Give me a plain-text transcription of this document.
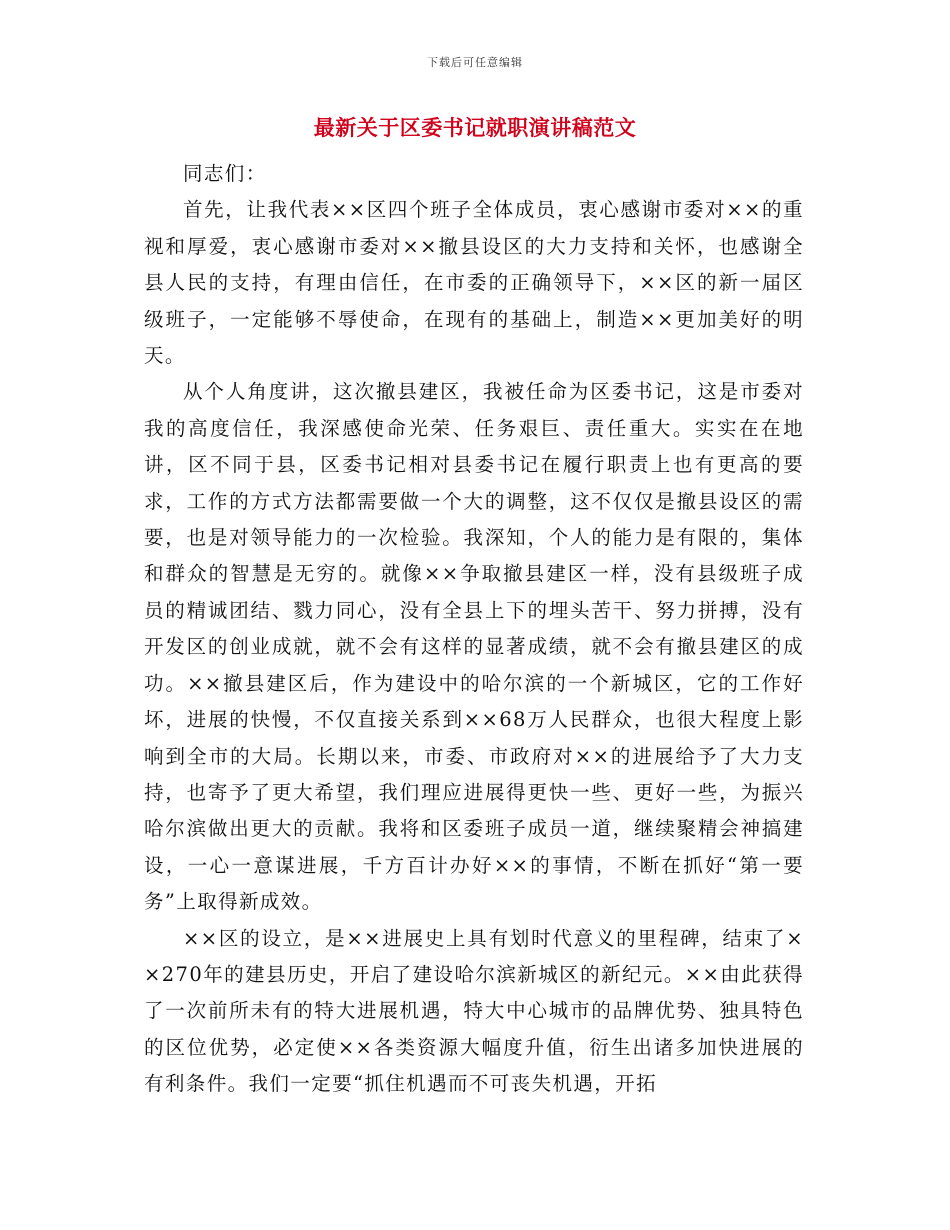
下载后可任意编辑
最新关于区委书记就职演讲稿范文

同志们：

首先，让我代表××区四个班子全体成员，衷心感谢市委对××的重视和厚爱，衷心感谢市委对××撤县设区的大力支持和关怀，也感谢全县人民的支持，有理由信任，在市委的正确领导下，××区的新一届区级班子，一定能够不辱使命，在现有的基础上，制造××更加美好的明天。

从个人角度讲，这次撤县建区，我被任命为区委书记，这是市委对我的高度信任，我深感使命光荣、任务艰巨、责任重大。实实在在地讲，区不同于县，区委书记相对县委书记在履行职责上也有更高的要求，工作的方式方法都需要做一个大的调整，这不仅仅是撤县设区的需要，也是对领导能力的一次检验。我深知，个人的能力是有限的，集体和群众的智慧是无穷的。就像××争取撤县建区一样，没有县级班子成员的精诚团结、戮力同心，没有全县上下的埋头苦干、努力拼搏，没有开发区的创业成就，就不会有这样的显著成绩，就不会有撤县建区的成功。××撤县建区后，作为建设中的哈尔滨的一个新城区，它的工作好坏，进展的快慢，不仅直接关系到××68万人民群众，也很大程度上影响到全市的大局。长期以来，市委、市政府对××的进展给予了大力支持，也寄予了更大希望，我们理应进展得更快一些、更好一些，为振兴哈尔滨做出更大的贡献。我将和区委班子成员一道，继续聚精会神搞建设，一心一意谋进展，千方百计办好××的事情，不断在抓好“第一要务”上取得新成效。

××区的设立，是××进展史上具有划时代意义的里程碑，结束了××270年的建县历史，开启了建设哈尔滨新城区的新纪元。××由此获得了一次前所未有的特大进展机遇，特大中心城市的品牌优势、独具特色的区位优势，必定使××各类资源大幅度升值，衍生出诸多加快进展的有利条件。我们一定要“抓住机遇而不可丧失机遇，开拓
